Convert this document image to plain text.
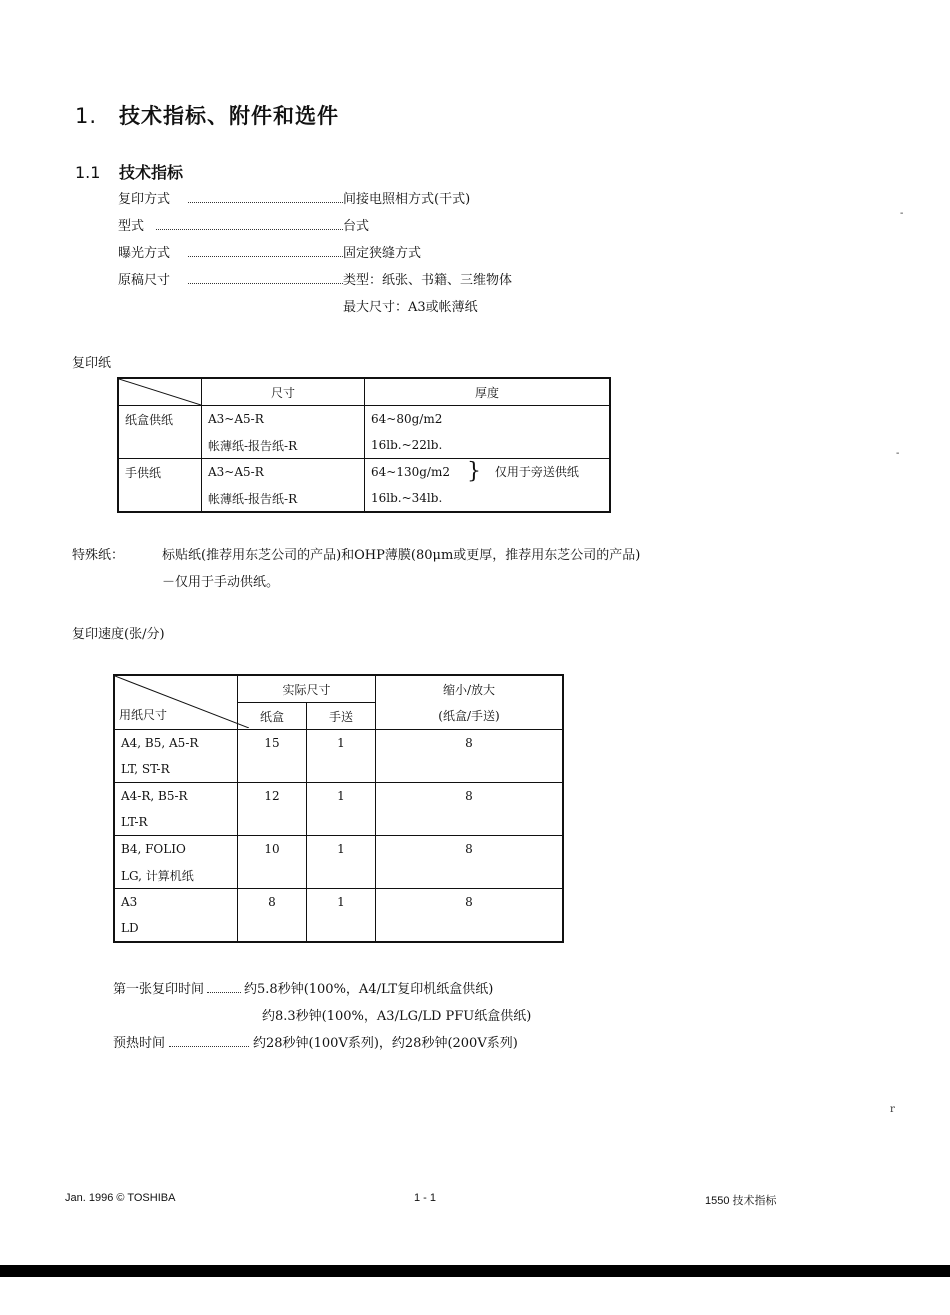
1. 技术指标、附件和选件
1.1 技术指标
复印方式	间接电照相方式(干式)
型式	台式
曝光方式	固定狭缝方式
原稿尺寸	类型：纸张、书籍、三维物体
最大尺寸：A3或帐薄纸
复印纸
	尺寸	厚度
纸盒供纸	A3~A5-R	64~80g/m2
	帐薄纸-报告纸-R	16lb.~22lb.
手供纸	A3~A5-R	64~130g/m2 } 仅用于旁送供纸
	帐薄纸-报告纸-R	16lb.~34lb.
特殊纸：	标贴纸(推荐用东芝公司的产品)和OHP薄膜(80μm或更厚，推荐用东芝公司的产品)
－仅用于手动供纸。
复印速度(张/分)
用纸尺寸	实际尺寸		缩小/放大
	纸盒	手送	(纸盒/手送)
A4, B5, A5-R	15	1	8
LT, ST-R			
A4-R, B5-R	12	1	8
LT-R			
B4, FOLIO	10	1	8
LG, 计算机纸			
A3	8	1	8
LD			
第一张复印时间	约5.8秒钟(100%，A4/LT复印机纸盒供纸)
约8.3秒钟(100%，A3/LG/LD PFU纸盒供纸)
预热时间	约28秒钟(100V系列)，约28秒钟(200V系列)
-
-
r
Jan. 1996 © TOSHIBA	1 - 1	1550 技术指标
